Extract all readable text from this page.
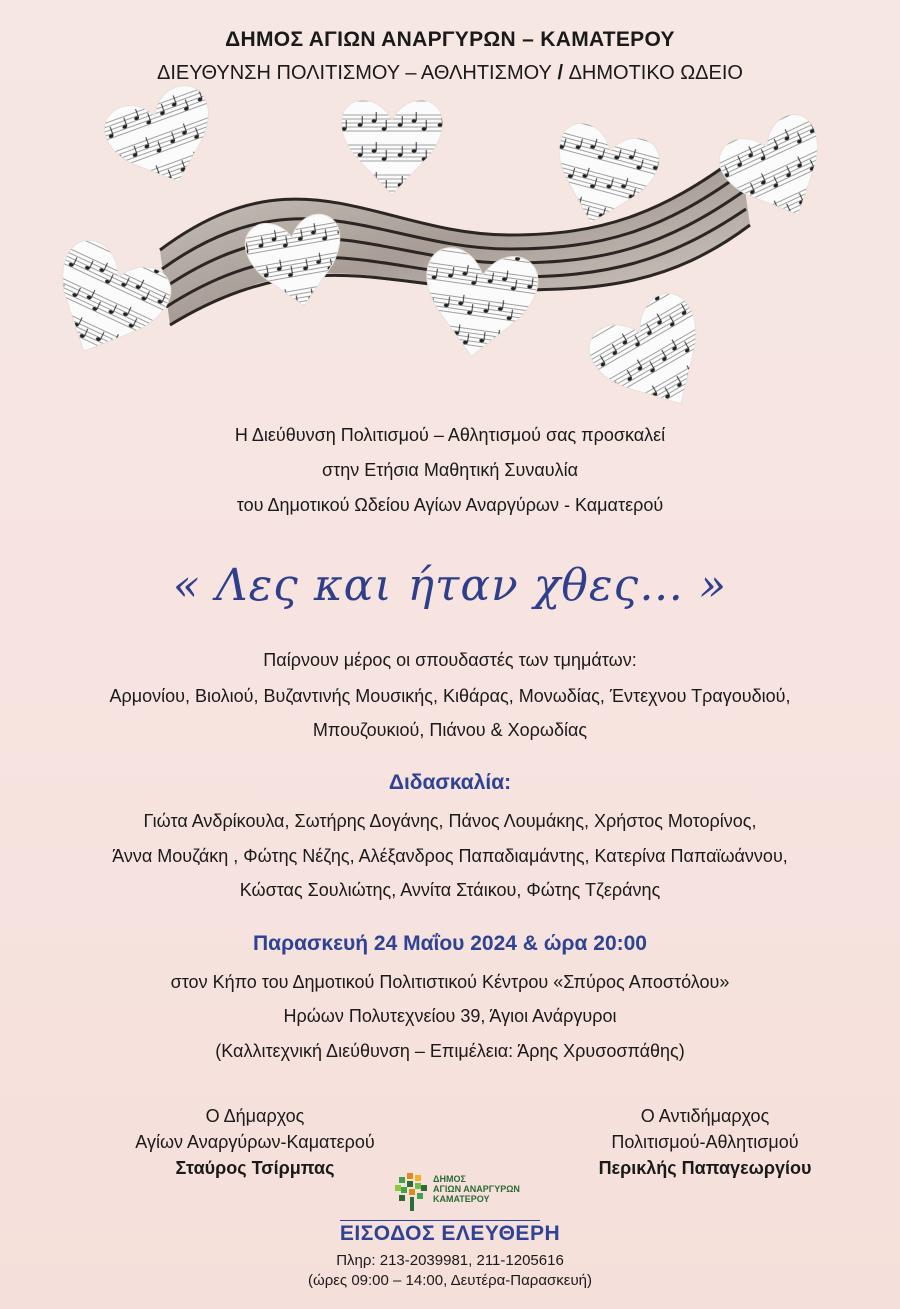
ΔΗΜΟΣ ΑΓΙΩΝ ΑΝΑΡΓΥΡΩΝ – ΚΑΜΑΤΕΡΟΥ
ΔΙΕΥΘΥΝΣΗ ΠΟΛΙΤΙΣΜΟΥ – ΑΘΛΗΤΙΣΜΟΥ / ΔΗΜΟΤΙΚΟ ΩΔΕΙΟ
Η Διεύθυνση Πολιτισμού – Αθλητισμού σας προσκαλεί
στην Ετήσια Μαθητική Συναυλία
του Δημοτικού Ωδείου Αγίων Αναργύρων - Καματερού
« Λες και ήταν χθες… »
Παίρνουν μέρος οι σπουδαστές των τμημάτων:
Αρμονίου, Βιολιού, Βυζαντινής Μουσικής, Κιθάρας, Μονωδίας, Έντεχνου Τραγουδιού,
Μπουζουκιού, Πιάνου & Χορωδίας
Διδασκαλία:
Γιώτα Ανδρίκουλα, Σωτήρης Δογάνης, Πάνος Λουμάκης, Χρήστος Μοτορίνος,
Άννα Μουζάκη , Φώτης Νέζης, Αλέξανδρος Παπαδιαμάντης, Κατερίνα Παπαϊωάννου,
Κώστας Σουλιώτης, Αννίτα Στάικου, Φώτης Τζεράνης
Παρασκευή 24 Μαΐου 2024 & ώρα 20:00
στον Κήπο του Δημοτικού Πολιτιστικού Κέντρου «Σπύρος Αποστόλου»
Ηρώων Πολυτεχνείου 39, Άγιοι Ανάργυροι
(Καλλιτεχνική Διεύθυνση – Επιμέλεια: Άρης Χρυσοσπάθης)
Ο Δήμαρχος
Αγίων Αναργύρων-Καματερού
Σταύρος Τσίρμπας
Ο Αντιδήμαρχος
Πολιτισμού-Αθλητισμού
Περικλής Παπαγεωργίου
ΔΗΜΟΣ
ΑΓΙΩΝ ΑΝΑΡΓΥΡΩΝ
ΚΑΜΑΤΕΡΟΥ
ΕΙΣΟΔΟΣ ΕΛΕΥΘΕΡΗ
Πληρ: 213-2039981, 211-1205616
(ώρες 09:00 – 14:00, Δευτέρα-Παρασκευή)
